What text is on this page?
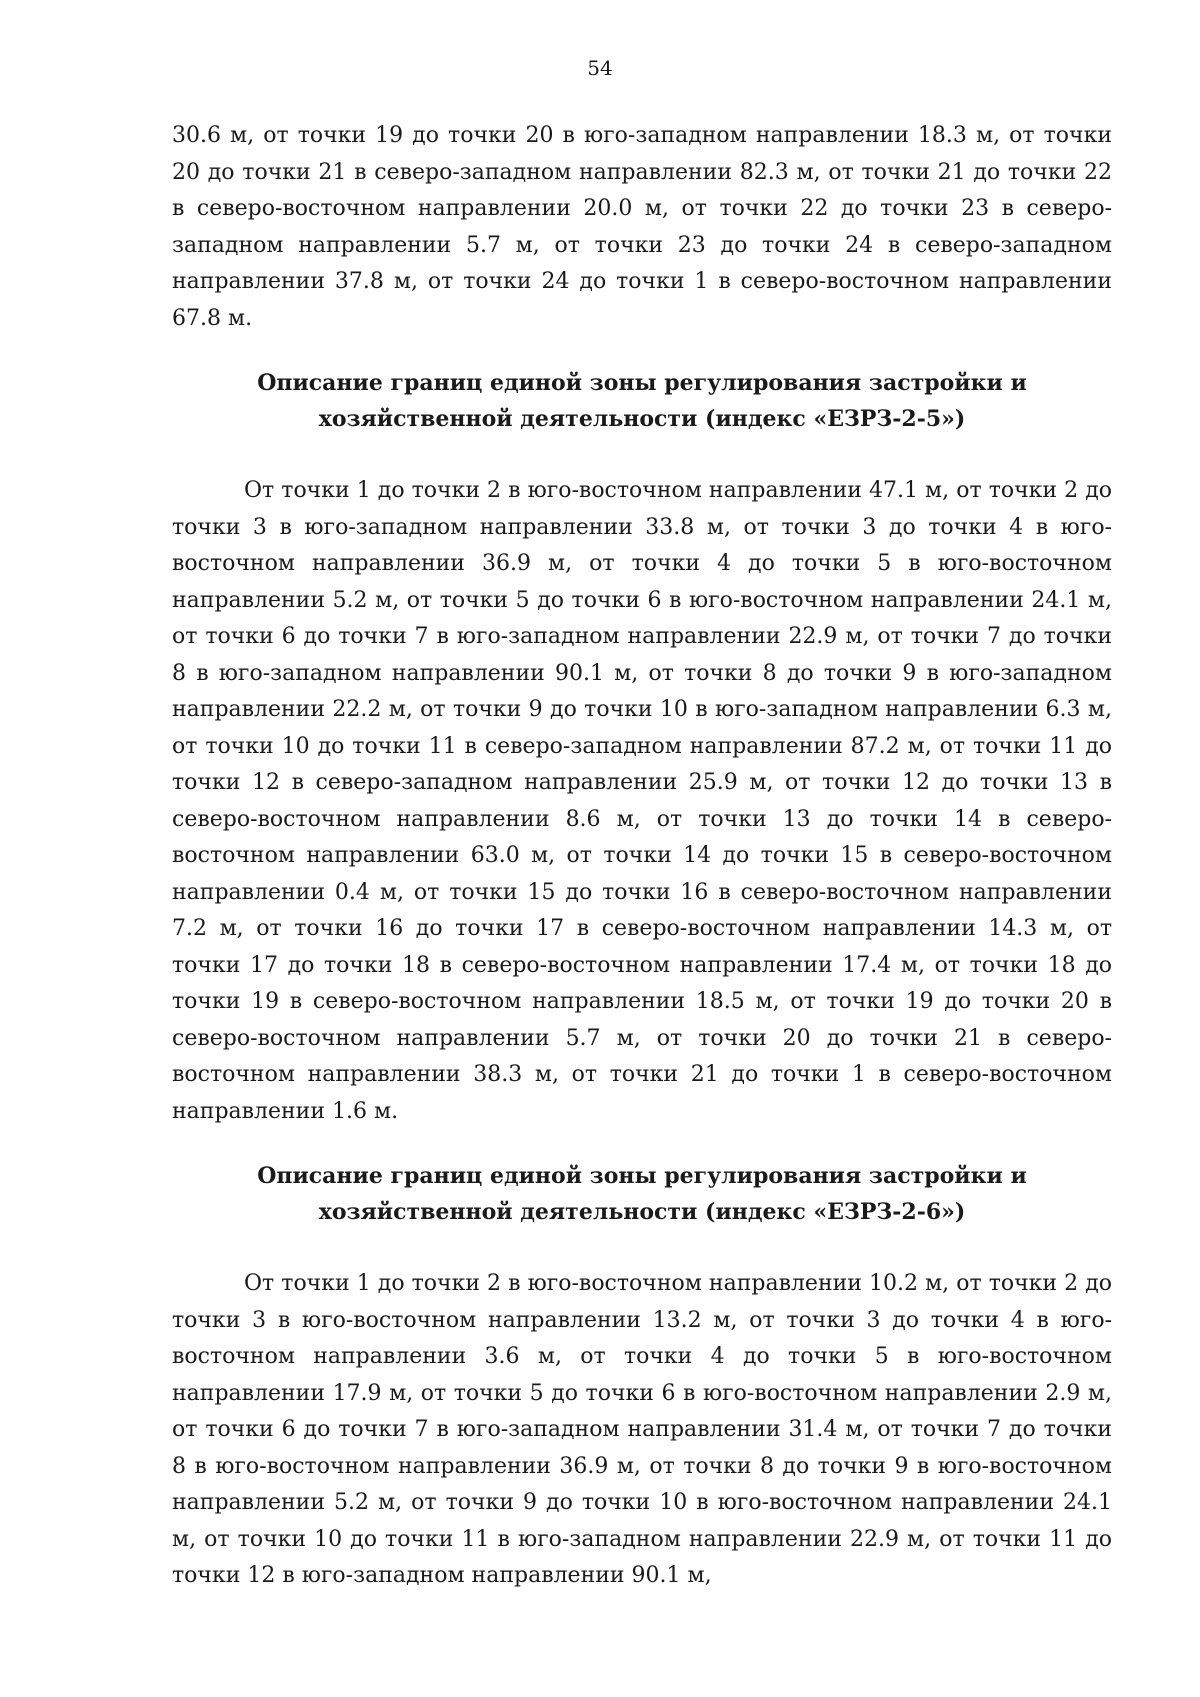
54

30.6 м, от точки 19 до точки 20 в юго-западном направлении 18.3 м, от точки 20 до точки 21 в северо-западном направлении 82.3 м, от точки 21 до точки 22 в северо-восточном направлении 20.0 м, от точки 22 до точки 23 в северо-западном направлении 5.7 м, от точки 23 до точки 24 в северо-западном направлении 37.8 м, от точки 24 до точки 1 в северо-восточном направлении 67.8 м.

Описание границ единой зоны регулирования застройки и
хозяйственной деятельности (индекс «ЕЗРЗ-2-5»)

От точки 1 до точки 2 в юго-восточном направлении 47.1 м, от точки 2 до точки 3 в юго-западном направлении 33.8 м, от точки 3 до точки 4 в юго-восточном направлении 36.9 м, от точки 4 до точки 5 в юго-восточном направлении 5.2 м, от точки 5 до точки 6 в юго-восточном направлении 24.1 м, от точки 6 до точки 7 в юго-западном направлении 22.9 м, от точки 7 до точки 8 в юго-западном направлении 90.1 м, от точки 8 до точки 9 в юго-западном направлении 22.2 м, от точки 9 до точки 10 в юго-западном направлении 6.3 м, от точки 10 до точки 11 в северо-западном направлении 87.2 м, от точки 11 до точки 12 в северо-западном направлении 25.9 м, от точки 12 до точки 13 в северо-восточном направлении 8.6 м, от точки 13 до точки 14 в северо-восточном направлении 63.0 м, от точки 14 до точки 15 в северо-восточном направлении 0.4 м, от точки 15 до точки 16 в северо-восточном направлении 7.2 м, от точки 16 до точки 17 в северо-восточном направлении 14.3 м, от точки 17 до точки 18 в северо-восточном направлении 17.4 м, от точки 18 до точки 19 в северо-восточном направлении 18.5 м, от точки 19 до точки 20 в северо-восточном направлении 5.7 м, от точки 20 до точки 21 в северо-восточном направлении 38.3 м, от точки 21 до точки 1 в северо-восточном направлении 1.6 м.

Описание границ единой зоны регулирования застройки и
хозяйственной деятельности (индекс «ЕЗРЗ-2-6»)

От точки 1 до точки 2 в юго-восточном направлении 10.2 м, от точки 2 до точки 3 в юго-восточном направлении 13.2 м, от точки 3 до точки 4 в юго-восточном направлении 3.6 м, от точки 4 до точки 5 в юго-восточном направлении 17.9 м, от точки 5 до точки 6 в юго-восточном направлении 2.9 м, от точки 6 до точки 7 в юго-западном направлении 31.4 м, от точки 7 до точки 8 в юго-восточном направлении 36.9 м, от точки 8 до точки 9 в юго-восточном направлении 5.2 м, от точки 9 до точки 10 в юго-восточном направлении 24.1 м, от точки 10 до точки 11 в юго-западном направлении 22.9 м, от точки 11 до точки 12 в юго-западном направлении 90.1 м,
